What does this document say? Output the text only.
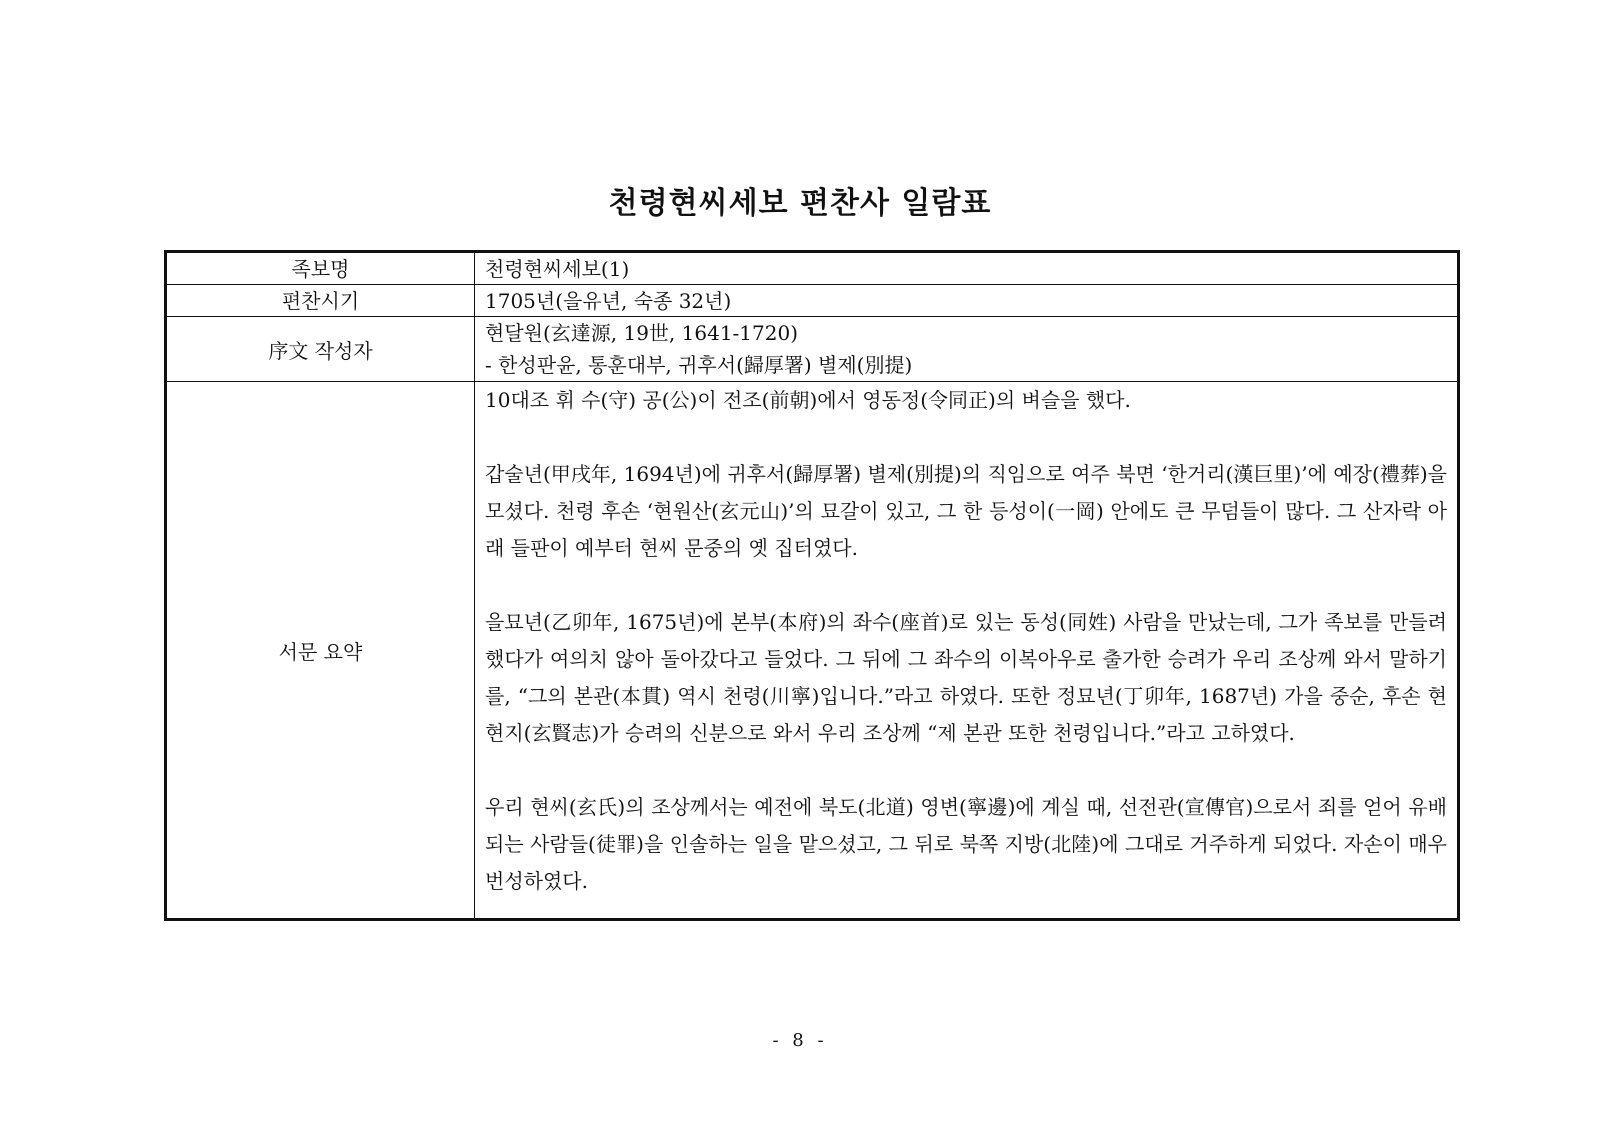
천령현씨세보 편찬사 일람표
족보명	천령현씨세보(1)
편찬시기	1705년(을유년, 숙종 32년)
序文 작성자	현달원(玄達源, 19世, 1641-1720)
- 한성판윤, 통훈대부, 귀후서(歸厚署) 별제(別提)

서문 요약	10대조 휘 수(守) 공(公)이 전조(前朝)에서 영동정(令同正)의 벼슬을 했다.

갑술년(甲戌年, 1694년)에 귀후서(歸厚署) 별제(別提)의 직임으로 여주 북면 ‘한거리(漢巨里)’에 예장(禮葬)을 모셨다. 천령 후손 ‘현원산(玄元山)’의 묘갈이 있고, 그 한 등성이(一岡) 안에도 큰 무덤들이 많다. 그 산자락 아래 들판이 예부터 현씨 문중의 옛 집터였다.

을묘년(乙卯年, 1675년)에 본부(本府)의 좌수(座首)로 있는 동성(同姓) 사람을 만났는데, 그가 족보를 만들려 했다가 여의치 않아 돌아갔다고 들었다. 그 뒤에 그 좌수의 이복아우로 출가한 승려가 우리 조상께 와서 말하기를, “그의 본관(本貫) 역시 천령(川寧)입니다.”라고 하였다. 또한 정묘년(丁卯年, 1687년) 가을 중순, 후손 현현지(玄賢志)가 승려의 신분으로 와서 우리 조상께 “제 본관 또한 천령입니다.”라고 고하였다.

우리 현씨(玄氏)의 조상께서는 예전에 북도(北道) 영변(寧邊)에 계실 때, 선전관(宣傳官)으로서 죄를 얻어 유배되는 사람들(徒罪)을 인솔하는 일을 맡으셨고, 그 뒤로 북쪽 지방(北陸)에 그대로 거주하게 되었다. 자손이 매우 번성하였다.

- 8 -
